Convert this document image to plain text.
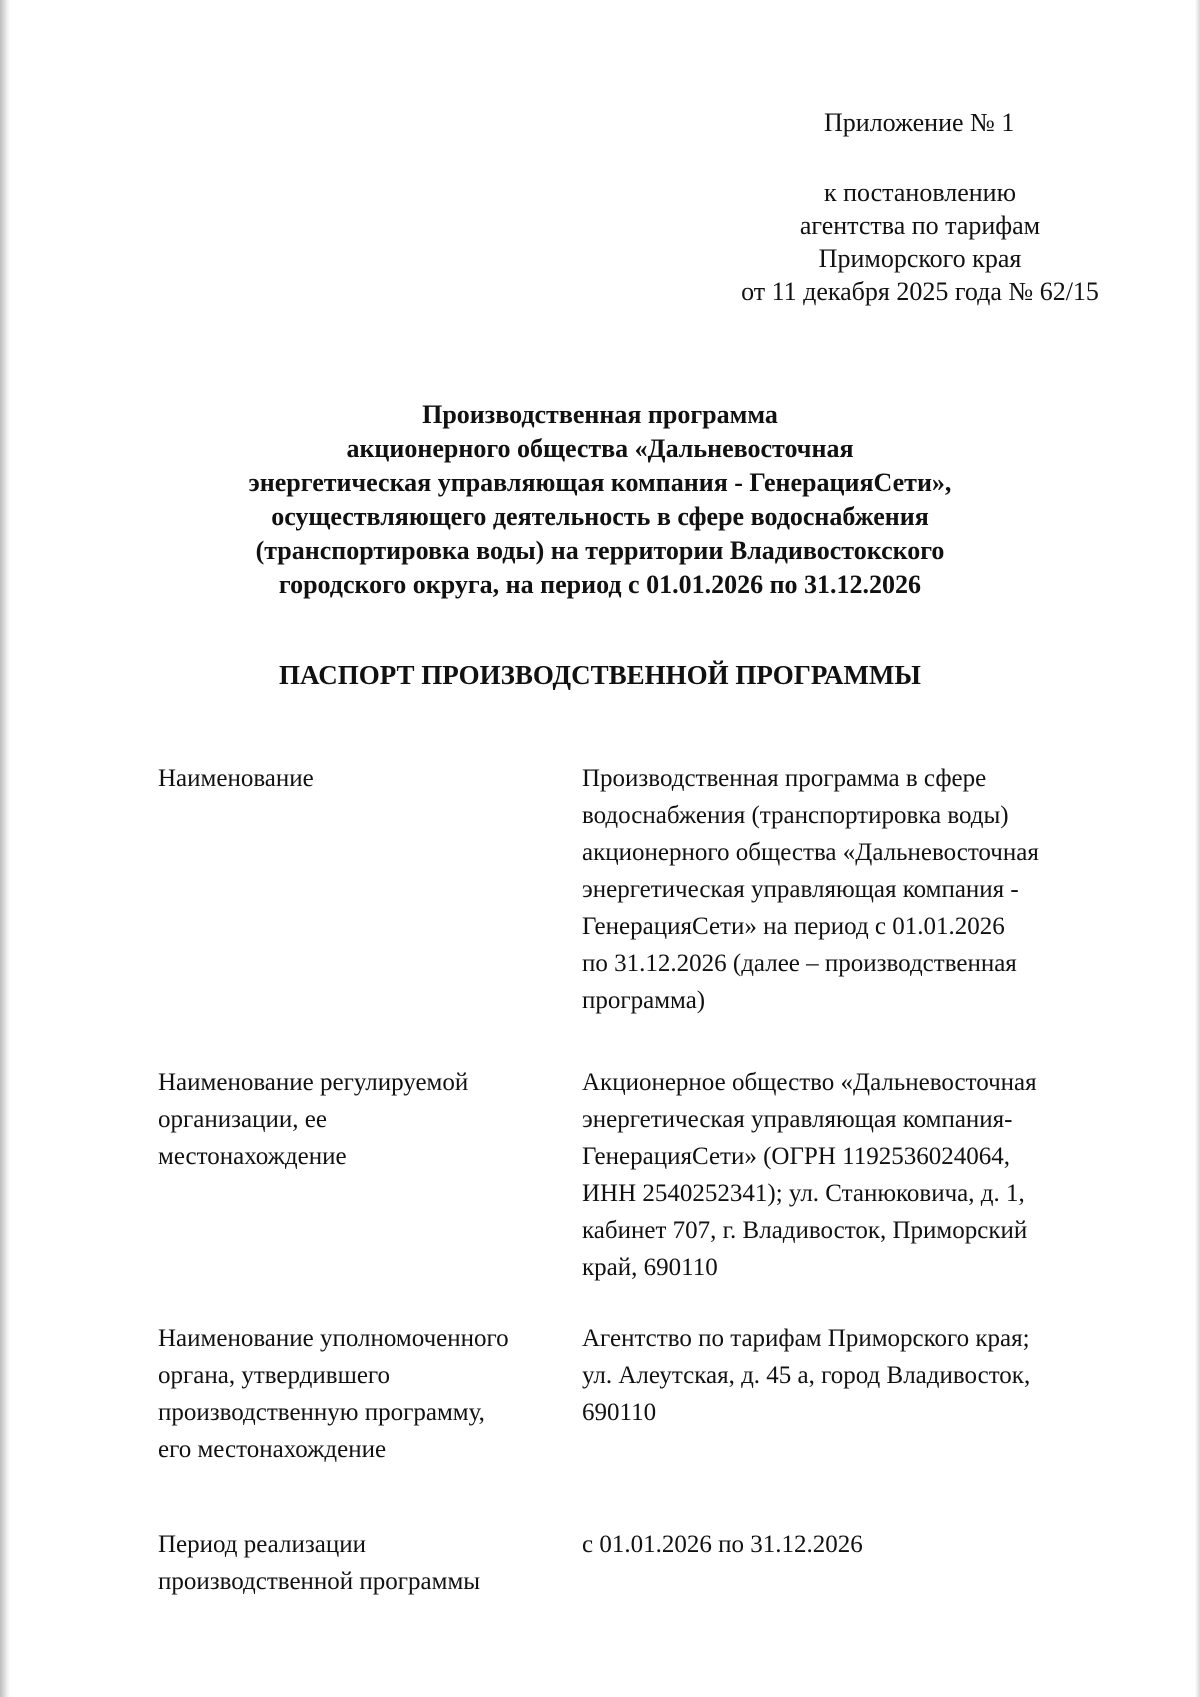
Приложение № 1
к постановлению
агентства по тарифам
Приморского края
от 11 декабря 2025 года № 62/15
Производственная программа
акционерного общества «Дальневосточная
энергетическая управляющая компания - ГенерацияСети»,
осуществляющего деятельность в сфере водоснабжения
(транспортировка воды) на территории Владивостокского
городского округа, на период с 01.01.2026 по 31.12.2026
ПАСПОРТ ПРОИЗВОДСТВЕННОЙ ПРОГРАММЫ
Наименование	Производственная программа в сфере
водоснабжения (транспортировка воды)
акционерного общества «Дальневосточная
энергетическая управляющая компания -
ГенерацияСети» на период с 01.01.2026
по 31.12.2026 (далее – производственная
программа)
Наименование регулируемой
организации, ее
местонахождение
Акционерное общество «Дальневосточная
энергетическая управляющая компания-
ГенерацияСети» (ОГРН 1192536024064,
ИНН 2540252341); ул. Станюковича, д. 1,
кабинет 707, г. Владивосток, Приморский
край, 690110
Наименование уполномоченного
органа, утвердившего
производственную программу,
его местонахождение
Агентство по тарифам Приморского края;
ул. Алеутская, д. 45 а, город Владивосток,
690110
Период реализации
производственной программы
с 01.01.2026 по 31.12.2026
